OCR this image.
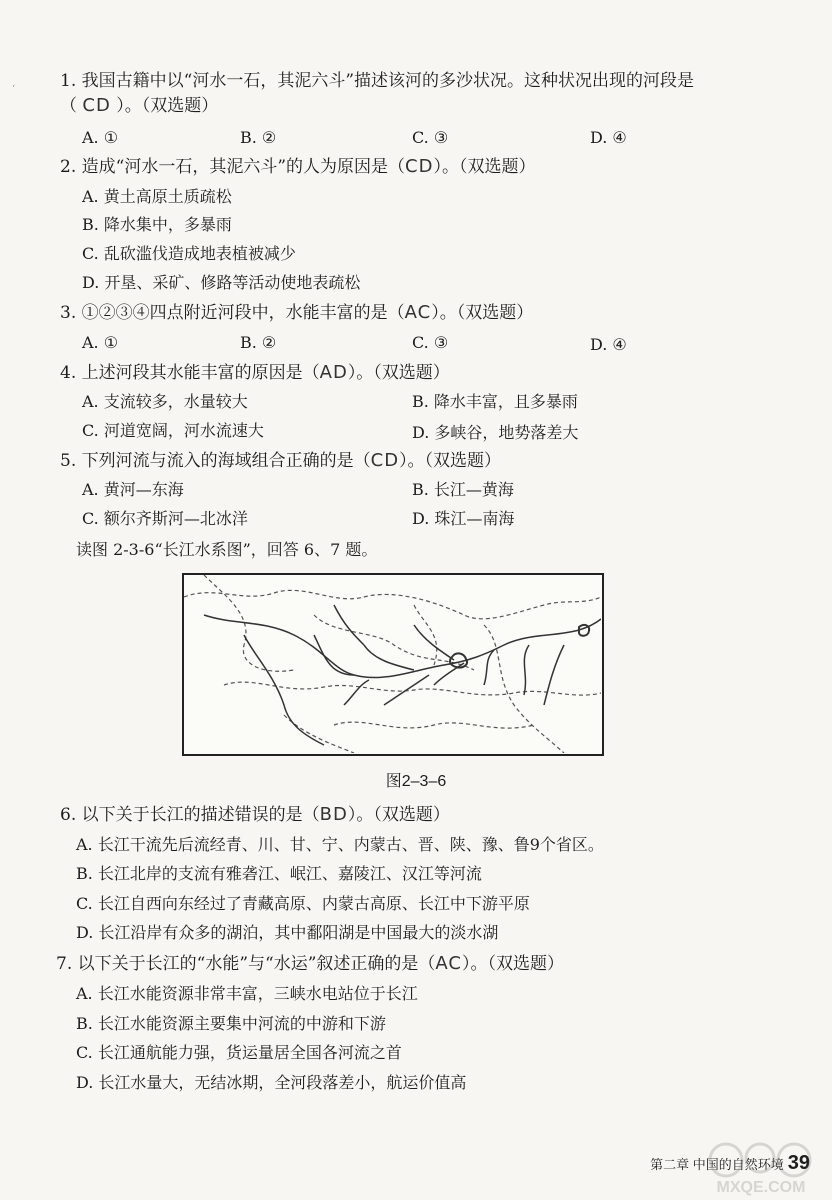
‘	1. 我国古籍中以“河水一石，其泥六斗”描述该河的多沙状况。这种状况出现的河段是
（ CD ）。（双选题）
A. ①	B. ②	C. ③	D. ④
2. 造成“河水一石，其泥六斗”的人为原因是（CD）。（双选题）
A. 黄土高原土质疏松
B. 降水集中，多暴雨
C. 乱砍滥伐造成地表植被减少
D. 开垦、采矿、修路等活动使地表疏松
3. ①②③④四点附近河段中，水能丰富的是（AC）。（双选题）
A. ①	B. ②	C. ③	D. ④
4. 上述河段其水能丰富的原因是（AD）。（双选题）
A. 支流较多，水量较大	B. 降水丰富，且多暴雨
C. 河道宽阔，河水流速大	D. 多峡谷，地势落差大
5. 下列河流与流入的海域组合正确的是（CD）。（双选题）
A. 黄河—东海	B. 长江—黄海
C. 额尔齐斯河—北冰洋	D. 珠江—南海
读图 2-3-6“长江水系图”，回答 6、7 题。
图2–3–6
6. 以下关于长江的描述错误的是（BD）。（双选题）
A. 长江干流先后流经青、川、甘、宁、内蒙古、晋、陕、豫、鲁9个省区。
B. 长江北岸的支流有雅砻江、岷江、嘉陵江、汉江等河流
C. 长江自西向东经过了青藏高原、内蒙古高原、长江中下游平原
D. 长江沿岸有众多的湖泊，其中鄱阳湖是中国最大的淡水湖
7. 以下关于长江的“水能”与“水运”叙述正确的是（AC）。（双选题）
A. 长江水能资源非常丰富，三峡水电站位于长江
B. 长江水能资源主要集中河流的中游和下游
C. 长江通航能力强，货运量居全国各河流之首
D. 长江水量大，无结冰期，全河段落差小，航运价值高
第二章 中国的自然环境 39
MXQE.COM
